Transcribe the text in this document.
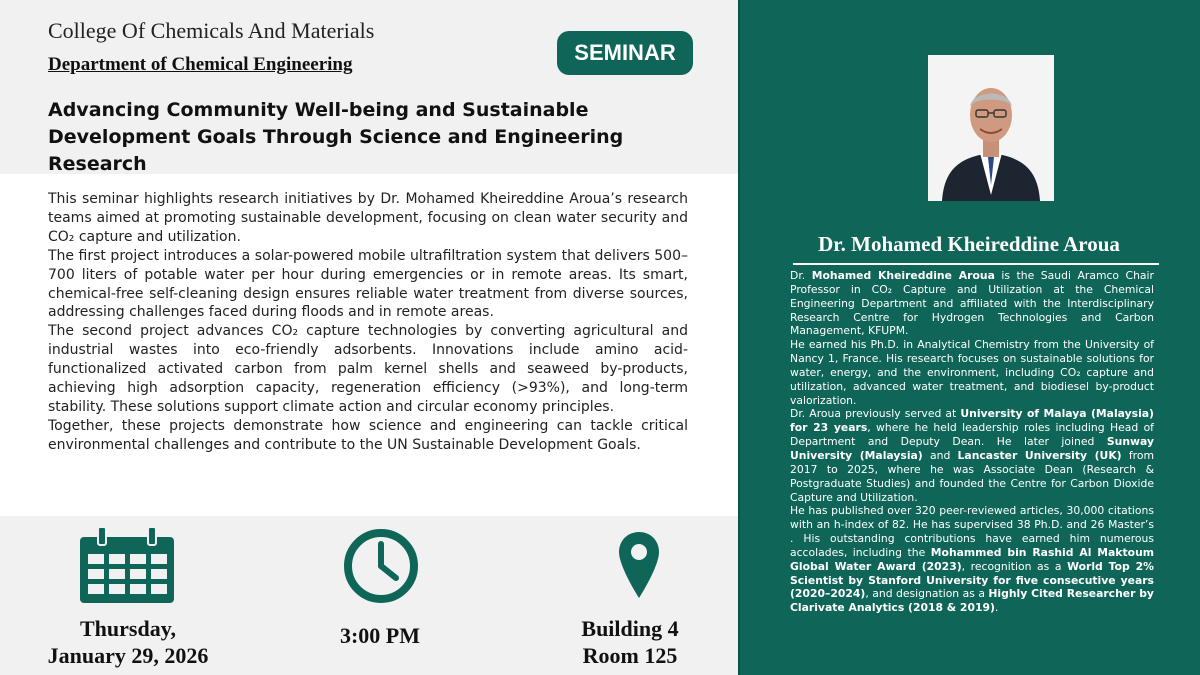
College Of Chemicals And Materials
Department of Chemical Engineering	SEMINAR
Advancing Community Well-being and Sustainable Development Goals Through Science and Engineering Research

This seminar highlights research initiatives by Dr. Mohamed Kheireddine Aroua’s research teams aimed at promoting sustainable development, focusing on clean water security and CO₂ capture and utilization.

The first project introduces a solar-powered mobile ultrafiltration system that delivers 500–700 liters of potable water per hour during emergencies or in remote areas. Its smart, chemical-free self-cleaning design ensures reliable water treatment from diverse sources, addressing challenges faced during floods and in remote areas.

The second project advances CO₂ capture technologies by converting agricultural and industrial wastes into eco-friendly adsorbents. Innovations include amino acid-functionalized activated carbon from palm kernel shells and seaweed by-products, achieving high adsorption capacity, regeneration efficiency (>93%), and long-term stability. These solutions support climate action and circular economy principles.

Together, these projects demonstrate how science and engineering can tackle critical environmental challenges and contribute to the UN Sustainable Development Goals.

Thursday,
January 29, 2026
3:00 PM	Building 4
Room 125
Dr. Mohamed Kheireddine Aroua

Dr. Mohamed Kheireddine Aroua is the Saudi Aramco Chair Professor in CO₂ Capture and Utilization at the Chemical Engineering Department and affiliated with the Interdisciplinary Research Centre for Hydrogen Technologies and Carbon Management, KFUPM.

He earned his Ph.D. in Analytical Chemistry from the University of Nancy 1, France. His research focuses on sustainable solutions for water, energy, and the environment, including CO₂ capture and utilization, advanced water treatment, and biodiesel by-product valorization.

Dr. Aroua previously served at University of Malaya (Malaysia) for 23 years, where he held leadership roles including Head of Department and Deputy Dean. He later joined Sunway University (Malaysia) and Lancaster University (UK) from 2017 to 2025, where he was Associate Dean (Research & Postgraduate Studies) and founded the Centre for Carbon Dioxide Capture and Utilization.

He has published over 320 peer-reviewed articles, 30,000 citations with an h-index of 82. He has supervised 38 Ph.D. and 26 Master’s . His outstanding contributions have earned him numerous accolades, including the Mohammed bin Rashid Al Maktoum Global Water Award (2023), recognition as a World Top 2% Scientist by Stanford University for five consecutive years (2020–2024), and designation as a Highly Cited Researcher by Clarivate Analytics (2018 & 2019).
